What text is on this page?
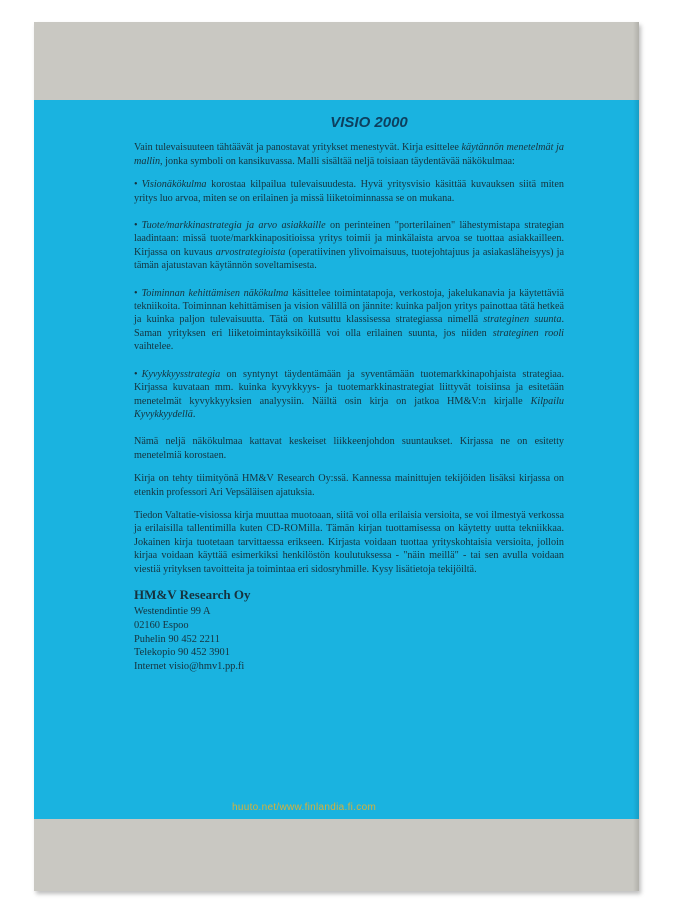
VISIO 2000

Vain tulevaisuuteen tähtäävät ja panostavat yritykset menestyvät. Kirja esittelee käytännön menetelmät ja mallin, jonka symboli on kansikuvassa. Malli sisältää neljä toisiaan täydentävää näkökulmaa:

• Visionäkökulma korostaa kilpailua tulevaisuudesta. Hyvä yritysvisio käsittää kuvauksen siitä miten yritys luo arvoa, miten se on erilainen ja missä liiketoiminnassa se on mukana.
• Tuote/markkinastrategia ja arvo asiakkaille on perinteinen "porterilainen" lähestymistapa strategian laadintaan: missä tuote/markkinapositioissa yritys toimii ja minkälaista arvoa se tuottaa asiakkailleen. Kirjassa on kuvaus arvostrategioista (operatiivinen ylivoimaisuus, tuotejohtajuus ja asiakasläheisyys) ja tämän ajatustavan käytännön soveltamisesta.
• Toiminnan kehittämisen näkökulma käsittelee toimintatapoja, verkostoja, jakelukanavia ja käytettäviä tekniikoita. Toiminnan kehittämisen ja vision välillä on jännite: kuinka paljon yritys painottaa tätä hetkeä ja kuinka paljon tulevaisuutta. Tätä on kutsuttu klassisessa strategiassa nimellä strateginen suunta. Saman yrityksen eri liiketoimintayksiköillä voi olla erilainen suunta, jos niiden strateginen rooli vaihtelee.
• Kyvykkyysstrategia on syntynyt täydentämään ja syventämään tuotemarkkinapohjaista strategiaa. Kirjassa kuvataan mm. kuinka kyvykkyys- ja tuotemarkkinastrategiat liittyvät toisiinsa ja esitetään menetelmät kyvykkyyksien analyysiin. Näiltä osin kirja on jatkoa HM&V:n kirjalle Kilpailu Kyvykkyydellä.

Nämä neljä näkökulmaa kattavat keskeiset liikkeenjohdon suuntaukset. Kirjassa ne on esitetty menetelmiä korostaen.

Kirja on tehty tiimityönä HM&V Research Oy:ssä. Kannessa mainittujen tekijöiden lisäksi kirjassa on etenkin professori Ari Vepsäläisen ajatuksia.

Tiedon Valtatie-visiossa kirja muuttaa muotoaan, siitä voi olla erilaisia versioita, se voi ilmestyä verkossa ja erilaisilla tallentimilla kuten CD-ROMilla. Tämän kirjan tuottamisessa on käytetty uutta tekniikkaa. Jokainen kirja tuotetaan tarvittaessa erikseen. Kirjasta voidaan tuottaa yrityskohtaisia versioita, jolloin kirjaa voidaan käyttää esimerkiksi henkilöstön koulutuksessa - "näin meillä" - tai sen avulla voidaan viestiä yrityksen tavoitteita ja toimintaa eri sidosryhmille. Kysy lisätietoja tekijöiltä.

HM&V Research Oy
Westendintie 99 A
02160 Espoo
Puhelin 90 452 2211
Telekopio 90 452 3901
Internet visio@hmv1.pp.fi
huuto.net/www.finlandia.fi.com
